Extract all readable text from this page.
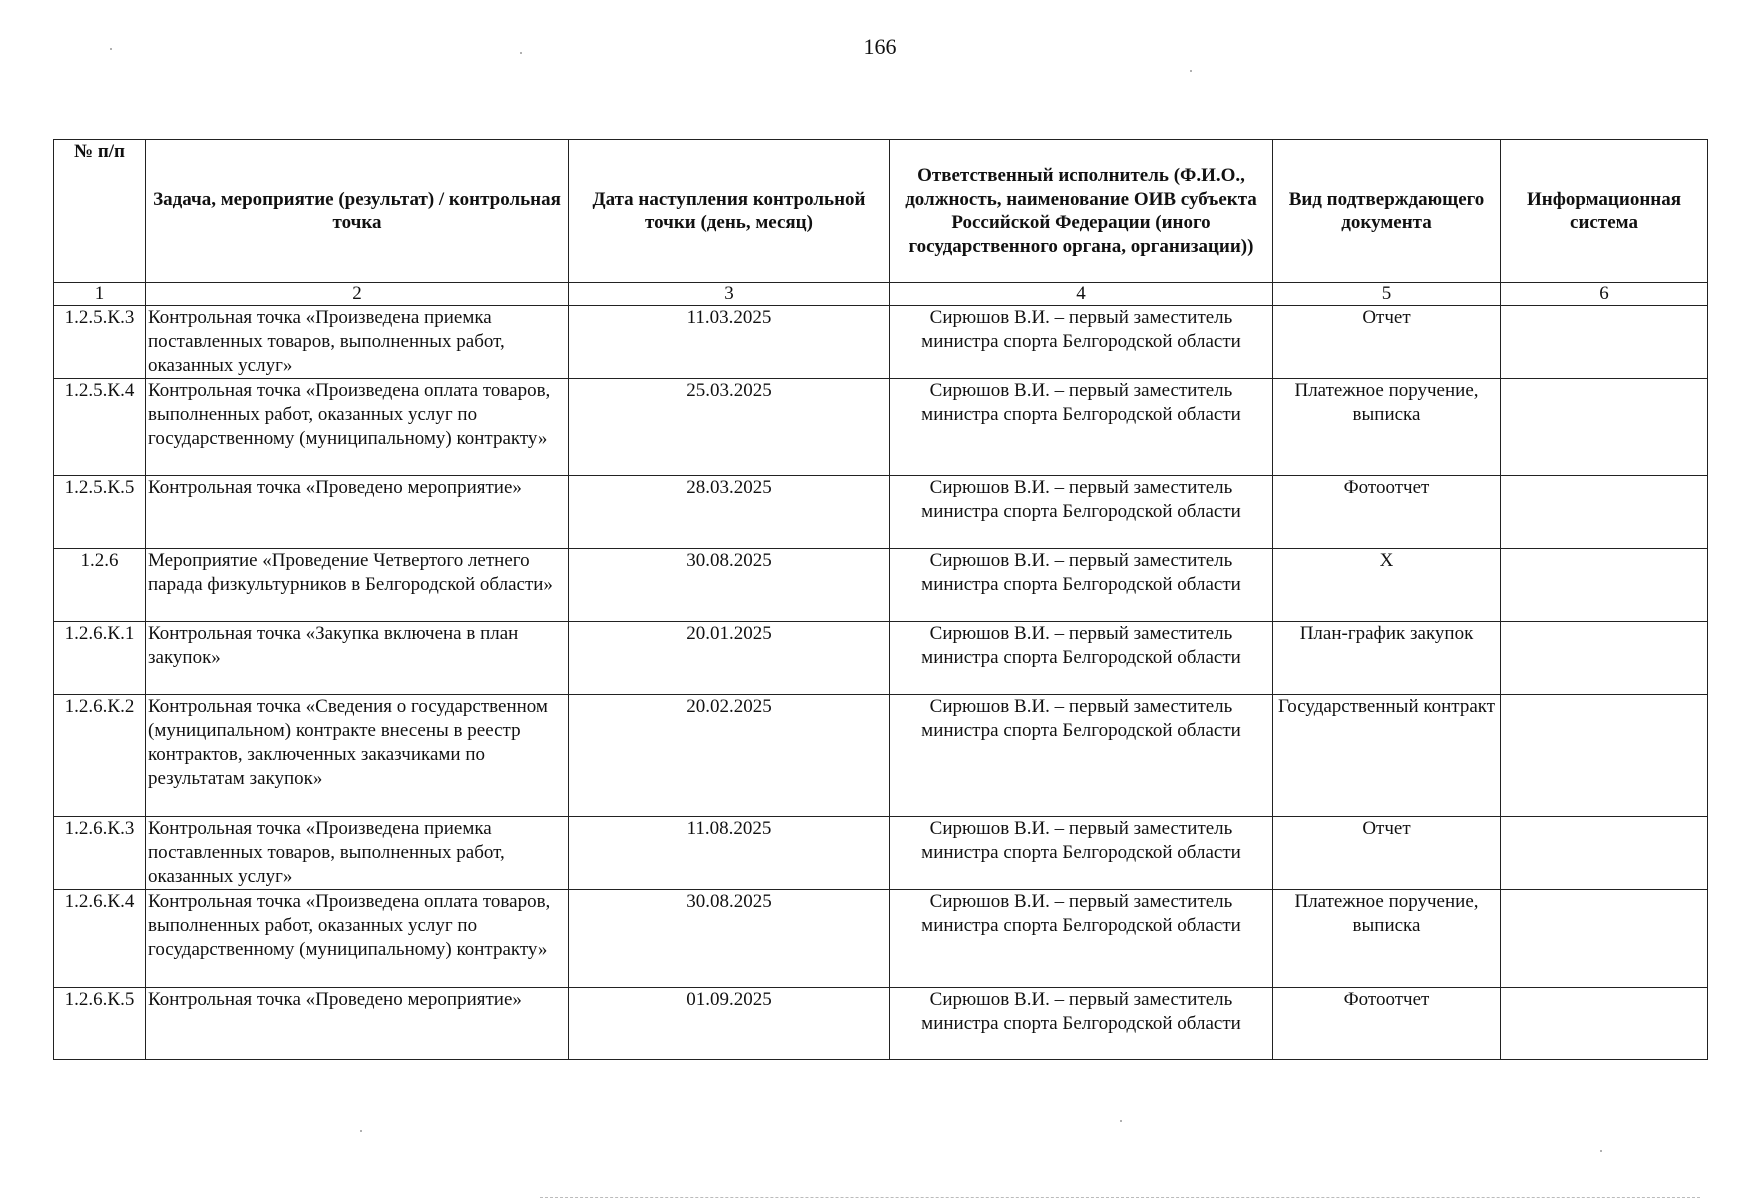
166
№ п/п	Задача, мероприятие (результат) / контрольная точка	Дата наступления контрольной точки (день, месяц)	Ответственный исполнитель (Ф.И.О., должность, наименование ОИВ субъекта Российской Федерации (иного государственного органа, организации))	Вид подтверждающего документа	Информационная система
1	2	3	4	5	6
1.2.5.К.3	Контрольная точка «Произведена приемка поставленных товаров, выполненных работ, оказанных услуг»	11.03.2025	Сирюшов В.И. – первый заместитель министра спорта Белгородской области	Отчет	
1.2.5.К.4	Контрольная точка «Произведена оплата товаров, выполненных работ, оказанных услуг по государственному (муниципальному) контракту»	25.03.2025	Сирюшов В.И. – первый заместитель министра спорта Белгородской области	Платежное поручение, выписка	
1.2.5.К.5	Контрольная точка «Проведено мероприятие»	28.03.2025	Сирюшов В.И. – первый заместитель министра спорта Белгородской области	Фотоотчет	
1.2.6	Мероприятие «Проведение Четвертого летнего парада физкультурников в Белгородской области»	30.08.2025	Сирюшов В.И. – первый заместитель министра спорта Белгородской области	Х	
1.2.6.К.1	Контрольная точка «Закупка включена в план закупок»	20.01.2025	Сирюшов В.И. – первый заместитель министра спорта Белгородской области	План-график закупок	
1.2.6.К.2	Контрольная точка «Сведения о государственном (муниципальном) контракте внесены в реестр контрактов, заключенных заказчиками по результатам закупок»	20.02.2025	Сирюшов В.И. – первый заместитель министра спорта Белгородской области	Государственный контракт	
1.2.6.К.3	Контрольная точка «Произведена приемка поставленных товаров, выполненных работ, оказанных услуг»	11.08.2025	Сирюшов В.И. – первый заместитель министра спорта Белгородской области	Отчет	
1.2.6.К.4	Контрольная точка «Произведена оплата товаров, выполненных работ, оказанных услуг по государственному (муниципальному) контракту»	30.08.2025	Сирюшов В.И. – первый заместитель министра спорта Белгородской области	Платежное поручение, выписка	
1.2.6.К.5	Контрольная точка «Проведено мероприятие»	01.09.2025	Сирюшов В.И. – первый заместитель министра спорта Белгородской области	Фотоотчет	
